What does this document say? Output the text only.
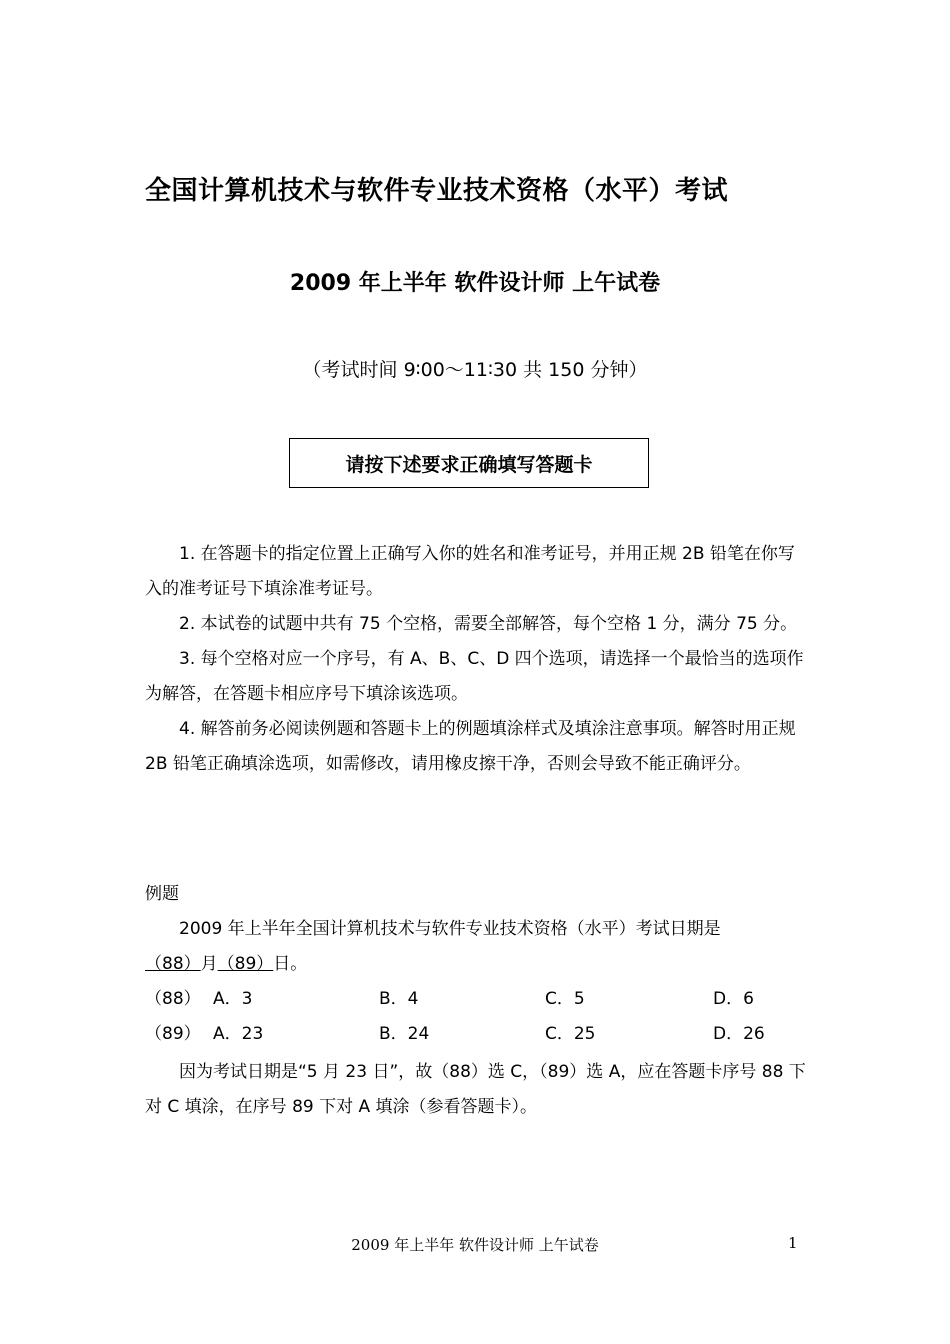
全国计算机技术与软件专业技术资格（水平）考试
2009 年上半年 软件设计师 上午试卷
（考试时间 9∶00～11∶30 共 150 分钟）
请按下述要求正确填写答题卡

1. 在答题卡的指定位置上正确写入你的姓名和准考证号，并用正规 2B 铅笔在你写入的准考证号下填涂准考证号。

2. 本试卷的试题中共有 75 个空格，需要全部解答，每个空格 1 分，满分 75 分。

3. 每个空格对应一个序号，有 A、B、C、D 四个选项，请选择一个最恰当的选项作为解答，在答题卡相应序号下填涂该选项。

4. 解答前务必阅读例题和答题卡上的例题填涂样式及填涂注意事项。解答时用正规 2B 铅笔正确填涂选项，如需修改，请用橡皮擦干净，否则会导致不能正确评分。

例题

2009 年上半年全国计算机技术与软件专业技术资格（水平）考试日期是

（88）月（89）日。

（88） A．3	B．4	C．5	D．6
（89） A．23	B．24	C．25	D．26

因为考试日期是“5 月 23 日”，故（88）选 C，（89）选 A，应在答题卡序号 88 下对 C 填涂，在序号 89 下对 A 填涂（参看答题卡）。

2009 年上半年 软件设计师 上午试卷	1
